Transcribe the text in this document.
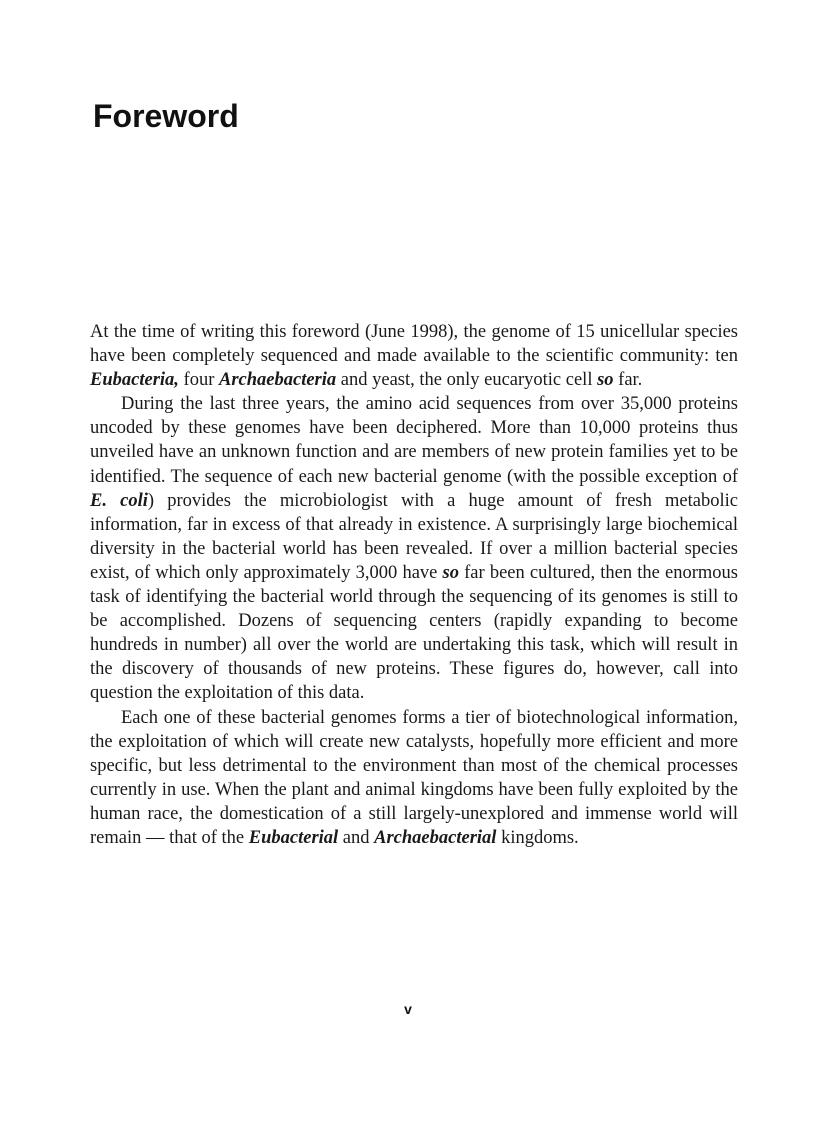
Foreword

At the time of writing this foreword (June 1998), the genome of 15 unicellular species have been completely sequenced and made available to the scientific community: ten Eubacteria, four Archaebacteria and yeast, the only eucaryotic cell so far.

During the last three years, the amino acid sequences from over 35,000 proteins uncoded by these genomes have been deciphered. More than 10,000 proteins thus unveiled have an unknown function and are members of new protein families yet to be identified. The sequence of each new bacterial genome (with the possible exception of E. coli) provides the microbiologist with a huge amount of fresh metabolic information, far in excess of that already in existence. A surprisingly large biochemical diversity in the bacterial world has been revealed. If over a million bacterial species exist, of which only approximately 3,000 have so far been cultured, then the enormous task of identifying the bacterial world through the sequencing of its genomes is still to be accomplished. Dozens of sequencing centers (rapidly expanding to become hundreds in number) all over the world are undertaking this task, which will result in the discovery of thousands of new proteins. These figures do, however, call into question the exploitation of this data.

Each one of these bacterial genomes forms a tier of biotechnological information, the exploitation of which will create new catalysts, hopefully more efficient and more specific, but less detrimental to the environment than most of the chemical processes currently in use. When the plant and animal kingdoms have been fully exploited by the human race, the domestication of a still largely-unexplored and immense world will remain — that of the Eubacterial and Archaebacterial kingdoms.

v
